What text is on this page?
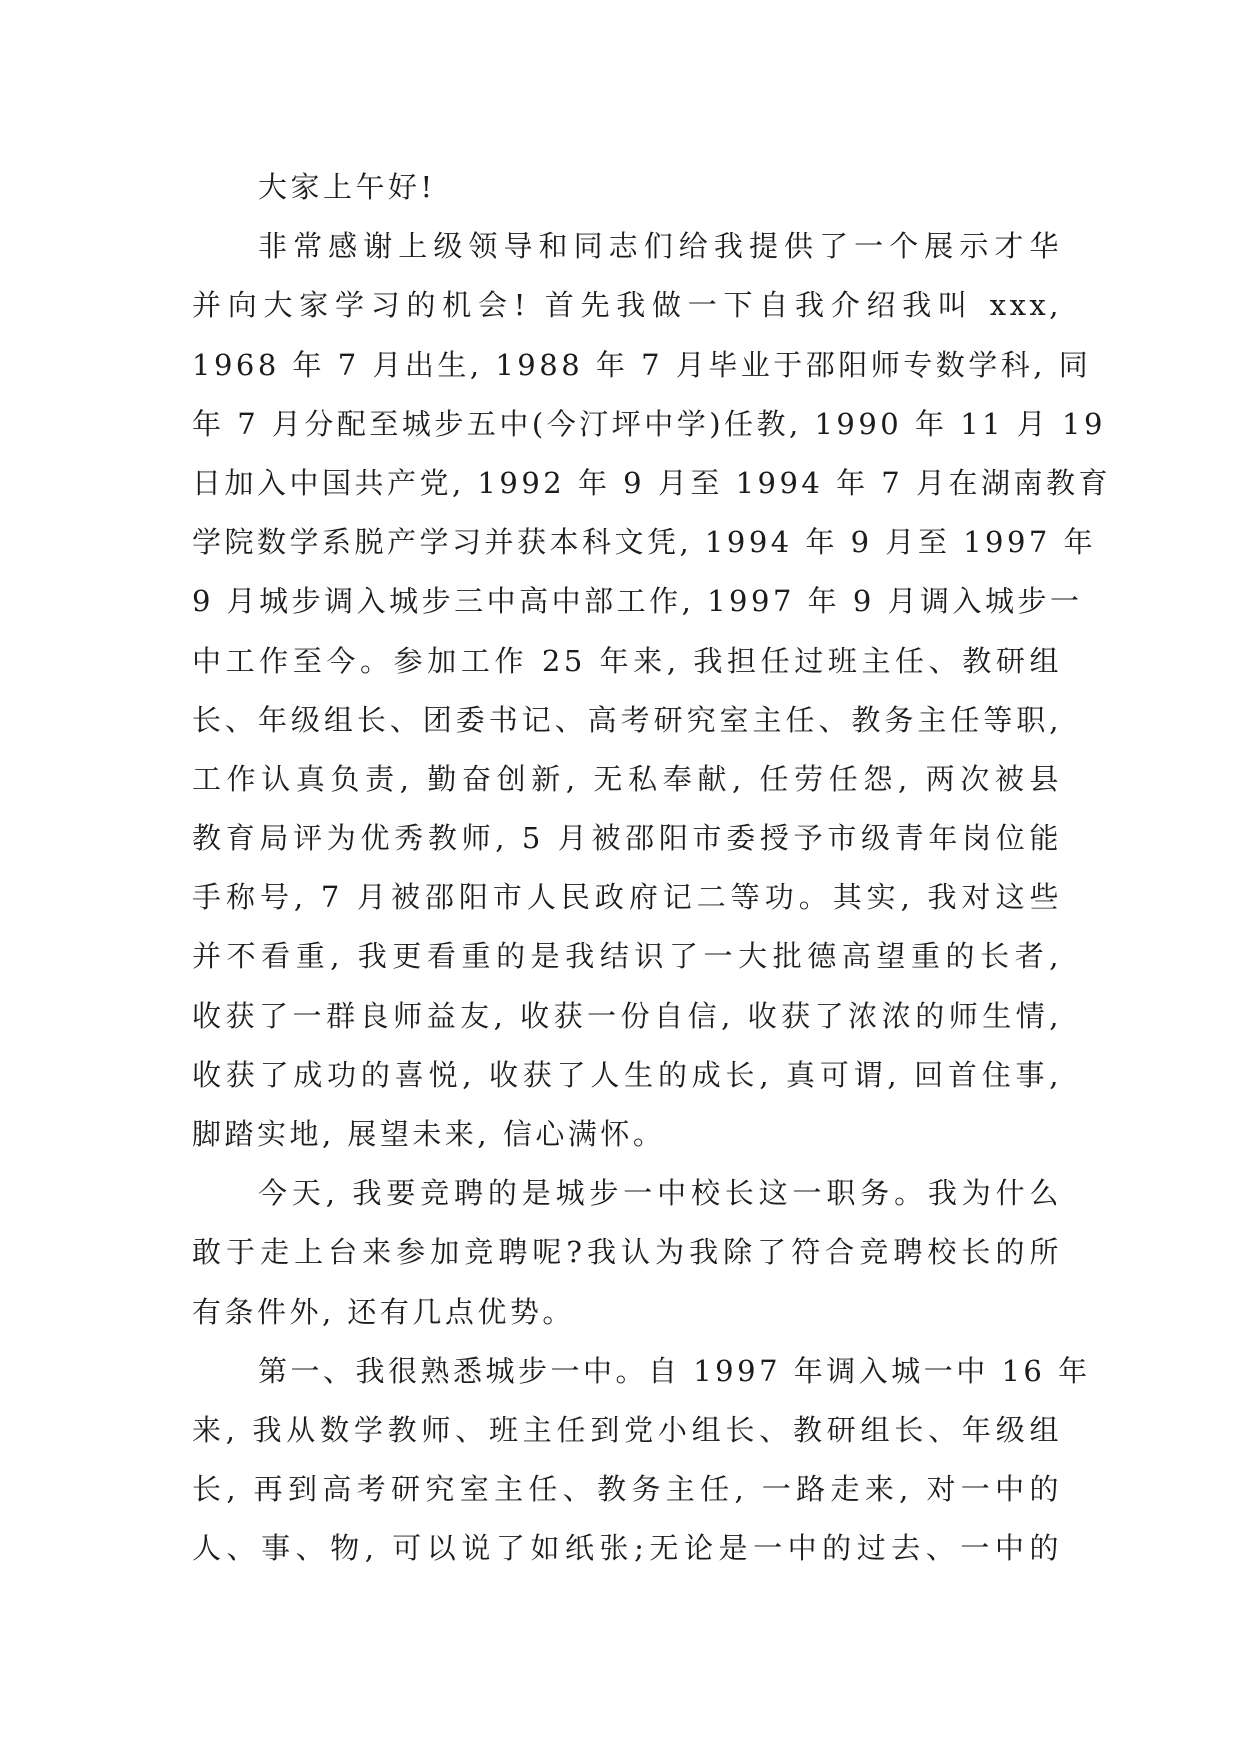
大家上午好!
非常感谢上级领导和同志们给我提供了一个展示才华
并向大家学习的机会! 首先我做一下自我介绍我叫 xxx,
1968 年 7 月出生, 1988 年 7 月毕业于邵阳师专数学科, 同
年 7 月分配至城步五中(今汀坪中学)任教, 1990 年 11 月 19
日加入中国共产党, 1992 年 9 月至 1994 年 7 月在湖南教育
学院数学系脱产学习并获本科文凭, 1994 年 9 月至 1997 年
9 月城步调入城步三中高中部工作, 1997 年 9 月调入城步一
中工作至今。参加工作 25 年来, 我担任过班主任、教研组
长、年级组长、团委书记、高考研究室主任、教务主任等职,
工作认真负责, 勤奋创新, 无私奉献, 任劳任怨, 两次被县
教育局评为优秀教师, 5 月被邵阳市委授予市级青年岗位能
手称号, 7 月被邵阳市人民政府记二等功。其实, 我对这些
并不看重, 我更看重的是我结识了一大批德高望重的长者,
收获了一群良师益友, 收获一份自信, 收获了浓浓的师生情,
收获了成功的喜悦, 收获了人生的成长, 真可谓, 回首住事,
脚踏实地, 展望未来, 信心满怀。
今天, 我要竞聘的是城步一中校长这一职务。我为什么
敢于走上台来参加竞聘呢?我认为我除了符合竞聘校长的所
有条件外, 还有几点优势。
第一、我很熟悉城步一中。自 1997 年调入城一中 16 年
来, 我从数学教师、班主任到党小组长、教研组长、年级组
长, 再到高考研究室主任、教务主任, 一路走来, 对一中的
人、事、物, 可以说了如纸张;无论是一中的过去、一中的
